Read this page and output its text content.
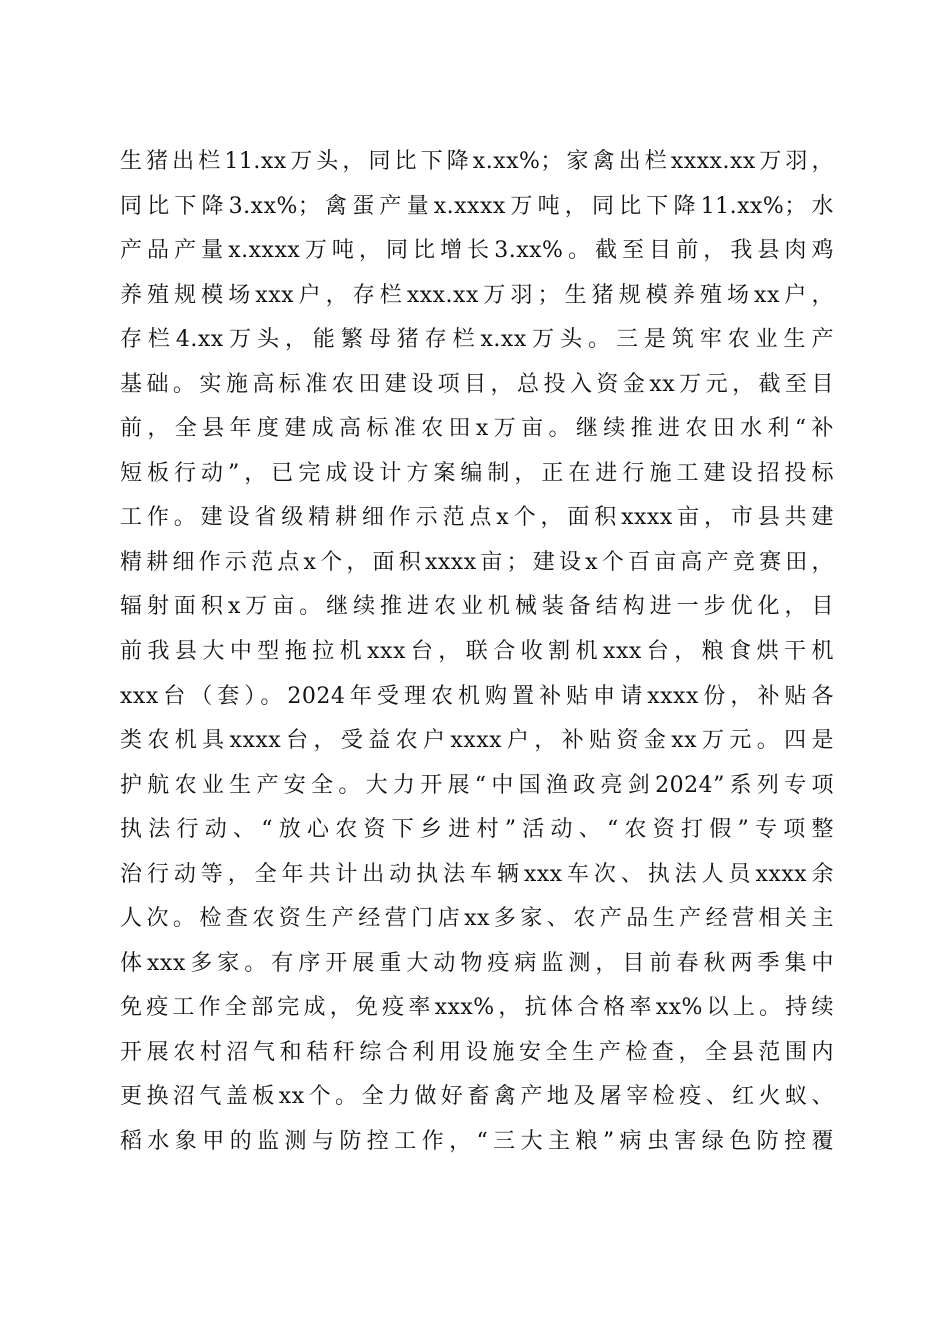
生猪出栏11.xx万头，同比下降x.xx%；家禽出栏xxxx.xx万羽，
同比下降3.xx%；禽蛋产量x.xxxx万吨，同比下降11.xx%；水
产品产量x.xxxx万吨，同比增长3.xx%。截至目前，我县肉鸡
养殖规模场xxx户，存栏xxx.xx万羽；生猪规模养殖场xx户，
存栏4.xx万头，能繁母猪存栏x.xx万头。三是筑牢农业生产
基础。实施高标准农田建设项目，总投入资金xx万元，截至目
前，全县年度建成高标准农田x万亩。继续推进农田水利“补
短板行动”，已完成设计方案编制，正在进行施工建设招投标
工作。建设省级精耕细作示范点x个，面积xxxx亩，市县共建
精耕细作示范点x个，面积xxxx亩；建设x个百亩高产竞赛田，
辐射面积x万亩。继续推进农业机械装备结构进一步优化，目
前我县大中型拖拉机xxx台，联合收割机xxx台，粮食烘干机
xxx台（套）。2024年受理农机购置补贴申请xxxx份，补贴各
类农机具xxxx台，受益农户xxxx户，补贴资金xx万元。四是
护航农业生产安全。大力开展“中国渔政亮剑2024”系列专项
执法行动、“放心农资下乡进村”活动、“农资打假”专项整
治行动等，全年共计出动执法车辆xxx车次、执法人员xxxx余
人次。检查农资生产经营门店xx多家、农产品生产经营相关主
体xxx多家。有序开展重大动物疫病监测，目前春秋两季集中
免疫工作全部完成，免疫率xxx%，抗体合格率xx%以上。持续
开展农村沼气和秸秆综合利用设施安全生产检查，全县范围内
更换沼气盖板xx个。全力做好畜禽产地及屠宰检疫、红火蚁、
稻水象甲的监测与防控工作，“三大主粮”病虫害绿色防控覆
